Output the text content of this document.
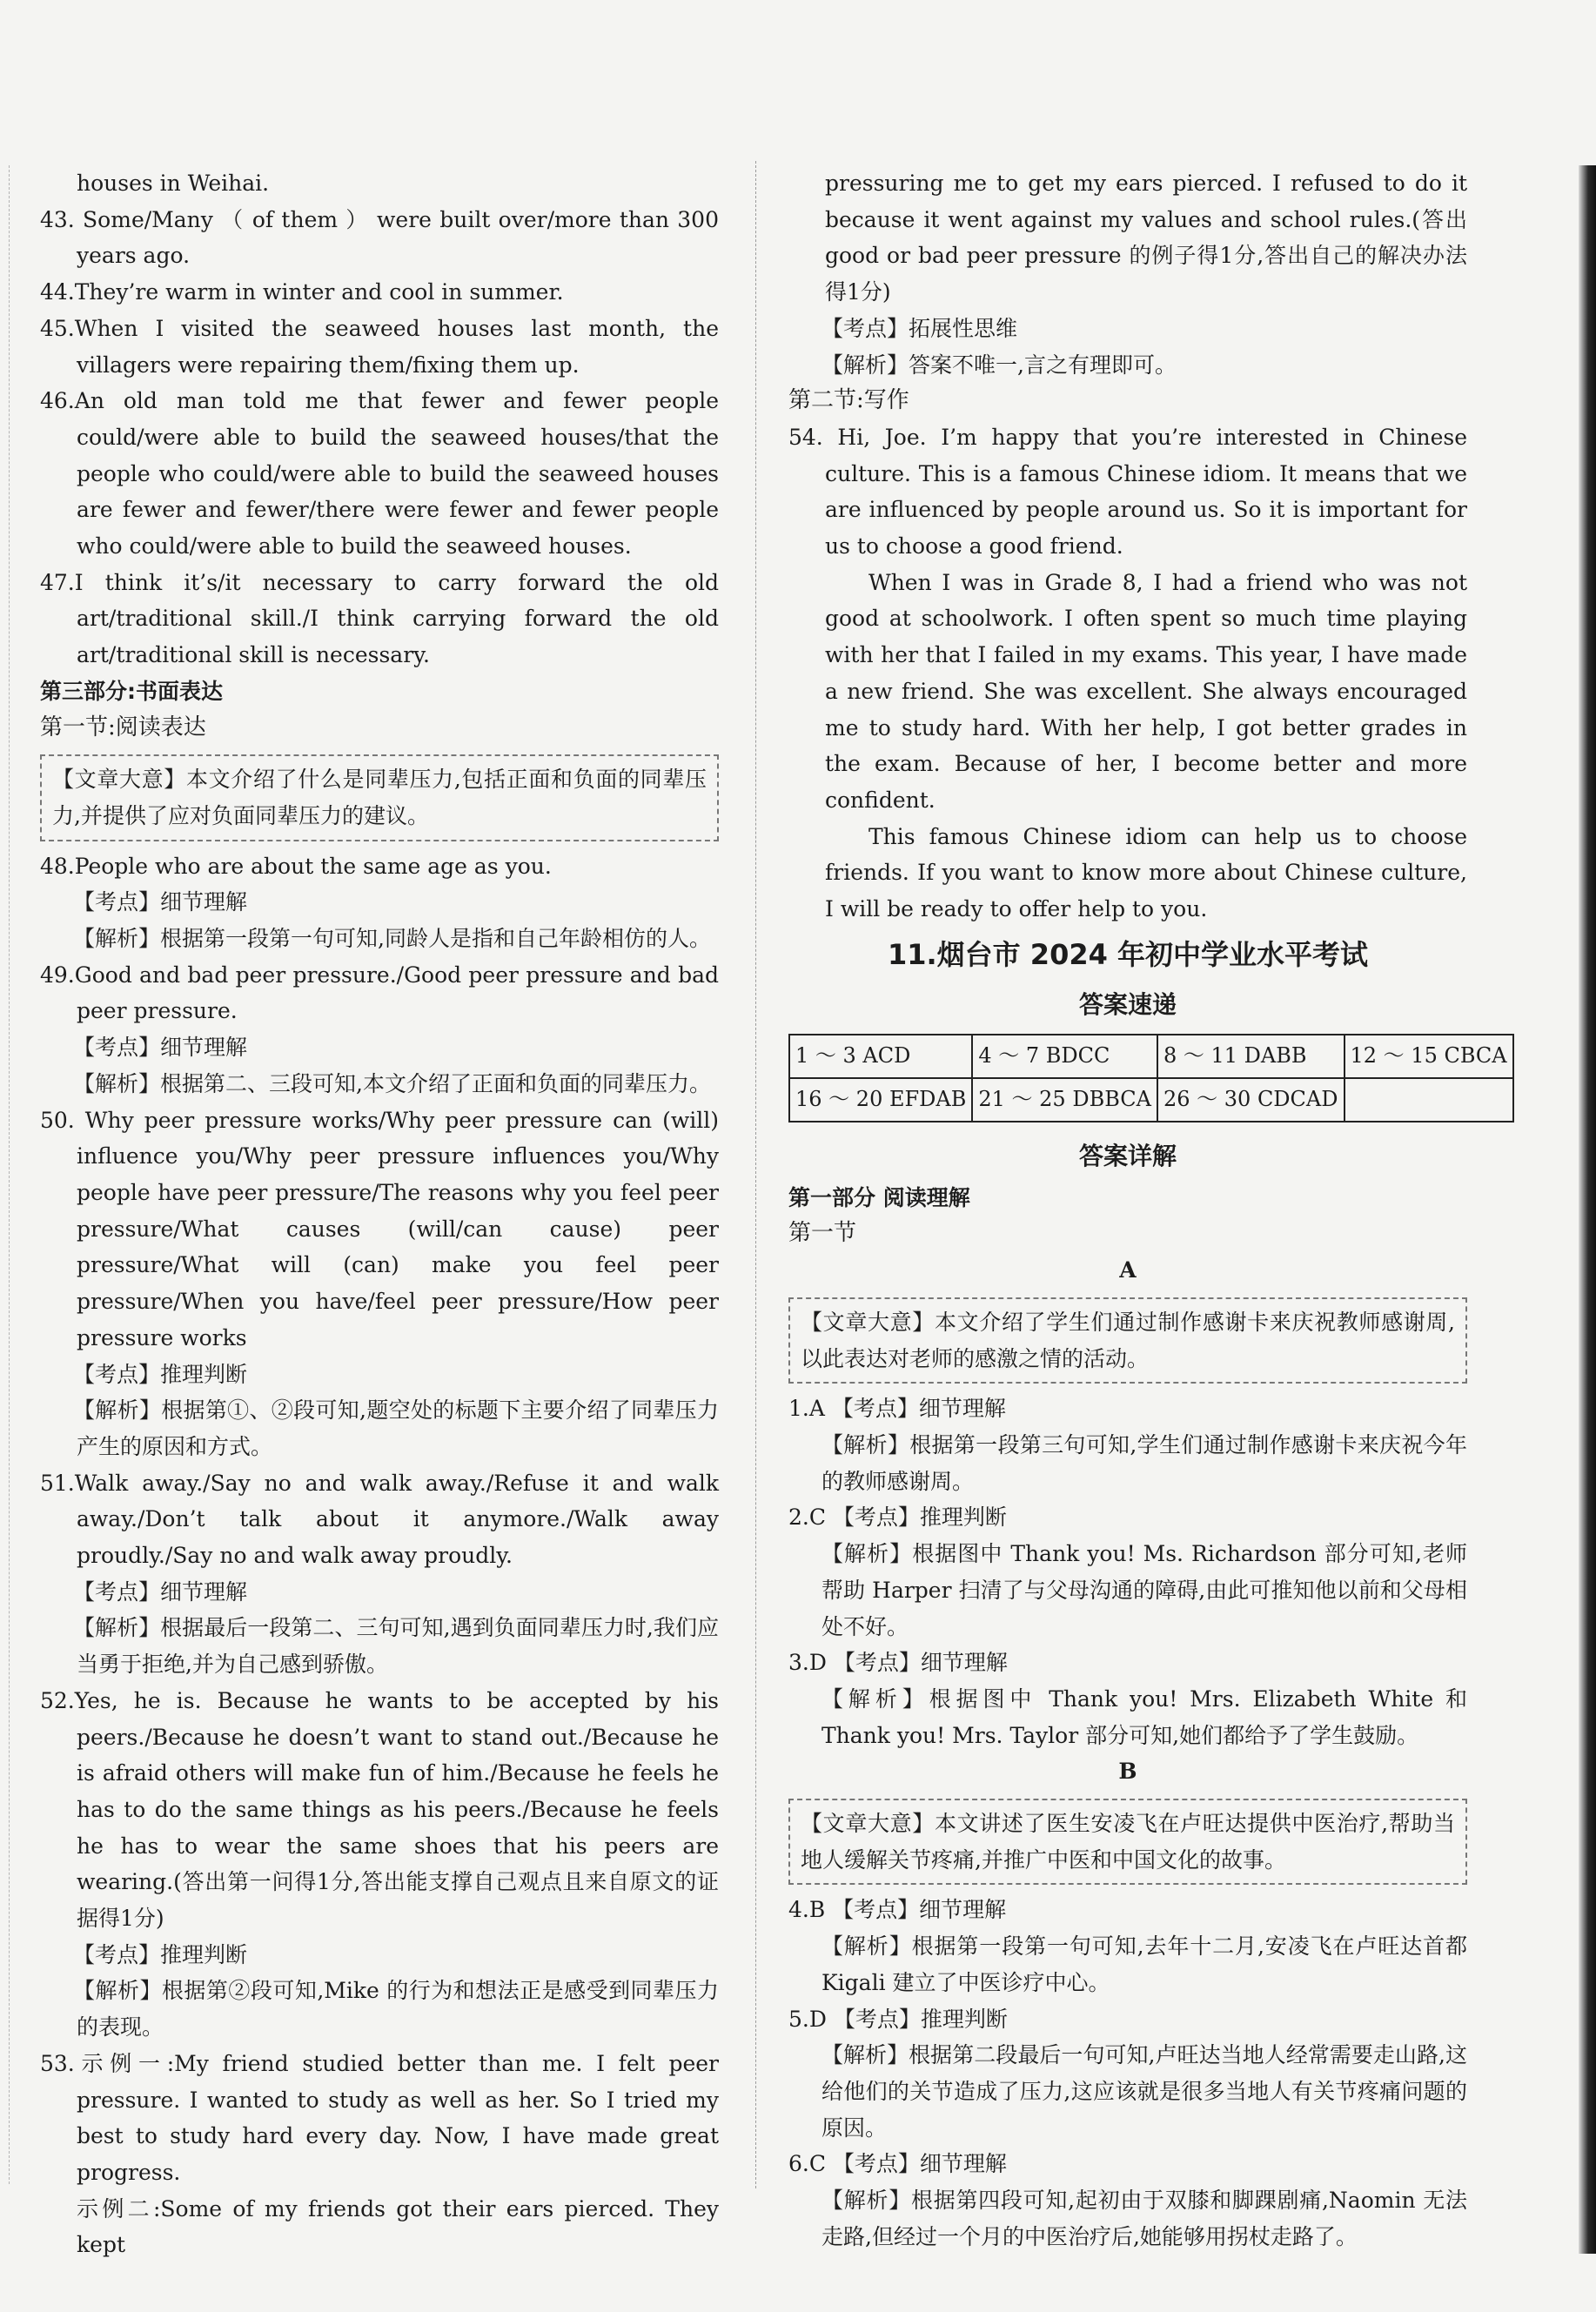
houses in Weihai.
43. Some/Many （ of them ） were built over/more than 300 years ago.
44.They’re warm in winter and cool in summer.
45.When I visited the seaweed houses last month, the villagers were repairing them/fixing them up.
46.An old man told me that fewer and fewer people could/were able to build the seaweed houses/that the people who could/were able to build the seaweed houses are fewer and fewer/there were fewer and fewer people who could/were able to build the seaweed houses.
47.I think it’s/it necessary to carry forward the old art/traditional skill./I think carrying forward the old art/traditional skill is necessary.
第三部分:书面表达
第一节:阅读表达
【文章大意】本文介绍了什么是同辈压力,包括正面和负面的同辈压力,并提供了应对负面同辈压力的建议。
48.People who are about the same age as you.
【考点】细节理解
【解析】根据第一段第一句可知,同龄人是指和自己年龄相仿的人。
49.Good and bad peer pressure./Good peer pressure and bad peer pressure.
【考点】细节理解
【解析】根据第二、三段可知,本文介绍了正面和负面的同辈压力。
50. Why peer pressure works/Why peer pressure can (will) influence you/Why peer pressure influences you/Why people have peer pressure/The reasons why you feel peer pressure/What causes (will/can cause) peer pressure/What will (can) make you feel peer pressure/When you have/feel peer pressure/How peer pressure works
【考点】推理判断
【解析】根据第①、②段可知,题空处的标题下主要介绍了同辈压力产生的原因和方式。
51.Walk away./Say no and walk away./Refuse it and walk away./Don’t talk about it anymore./Walk away proudly./Say no and walk away proudly.
【考点】细节理解
【解析】根据最后一段第二、三句可知,遇到负面同辈压力时,我们应当勇于拒绝,并为自己感到骄傲。
52.Yes, he is. Because he wants to be accepted by his peers./Because he doesn’t want to stand out./Because he is afraid others will make fun of him./Because he feels he has to do the same things as his peers./Because he feels he has to wear the same shoes that his peers are wearing.(答出第一问得1分,答出能支撑自己观点且来自原文的证据得1分)
【考点】推理判断
【解析】根据第②段可知,Mike 的行为和想法正是感受到同辈压力的表现。
53.示例一:My friend studied better than me. I felt peer pressure. I wanted to study as well as her. So I tried my best to study hard every day. Now, I have made great progress.
示例二:Some of my friends got their ears pierced. They kept
pressuring me to get my ears pierced. I refused to do it because it went against my values and school rules.(答出 good or bad peer pressure 的例子得1分,答出自己的解决办法得1分)
【考点】拓展性思维
【解析】答案不唯一,言之有理即可。
第二节:写作
54. Hi, Joe. I’m happy that you’re interested in Chinese culture. This is a famous Chinese idiom. It means that we are influenced by people around us. So it is important for us to choose a good friend.
When I was in Grade 8, I had a friend who was not good at schoolwork. I often spent so much time playing with her that I failed in my exams. This year, I have made a new friend. She was excellent. She always encouraged me to study hard. With her help, I got better grades in the exam. Because of her, I become better and more confident.
This famous Chinese idiom can help us to choose friends. If you want to know more about Chinese culture, I will be ready to offer help to you.
11.烟台市 2024 年初中学业水平考试
答案速递
1 ～ 3 ACD	4 ～ 7 BDCC	8 ～ 11 DABB	12 ～ 15 CBCA
16 ～ 20 EFDAB	21 ～ 25 DBBCA	26 ～ 30 CDCAD	
答案详解
第一部分 阅读理解
第一节
A
【文章大意】本文介绍了学生们通过制作感谢卡来庆祝教师感谢周,以此表达对老师的感激之情的活动。
1.A 【考点】细节理解
【解析】根据第一段第三句可知,学生们通过制作感谢卡来庆祝今年的教师感谢周。
2.C 【考点】推理判断
【解析】根据图中 Thank you! Ms. Richardson 部分可知,老师帮助 Harper 扫清了与父母沟通的障碍,由此可推知他以前和父母相处不好。
3.D 【考点】细节理解
【解析】根据图中 Thank you! Mrs. Elizabeth White 和 Thank you! Mrs. Taylor 部分可知,她们都给予了学生鼓励。
B
【文章大意】本文讲述了医生安凌飞在卢旺达提供中医治疗,帮助当地人缓解关节疼痛,并推广中医和中国文化的故事。
4.B 【考点】细节理解
【解析】根据第一段第一句可知,去年十二月,安凌飞在卢旺达首都 Kigali 建立了中医诊疗中心。
5.D 【考点】推理判断
【解析】根据第二段最后一句可知,卢旺达当地人经常需要走山路,这给他们的关节造成了压力,这应该就是很多当地人有关节疼痛问题的原因。
6.C 【考点】细节理解
【解析】根据第四段可知,起初由于双膝和脚踝剧痛,Naomin 无法走路,但经过一个月的中医治疗后,她能够用拐杖走路了。
